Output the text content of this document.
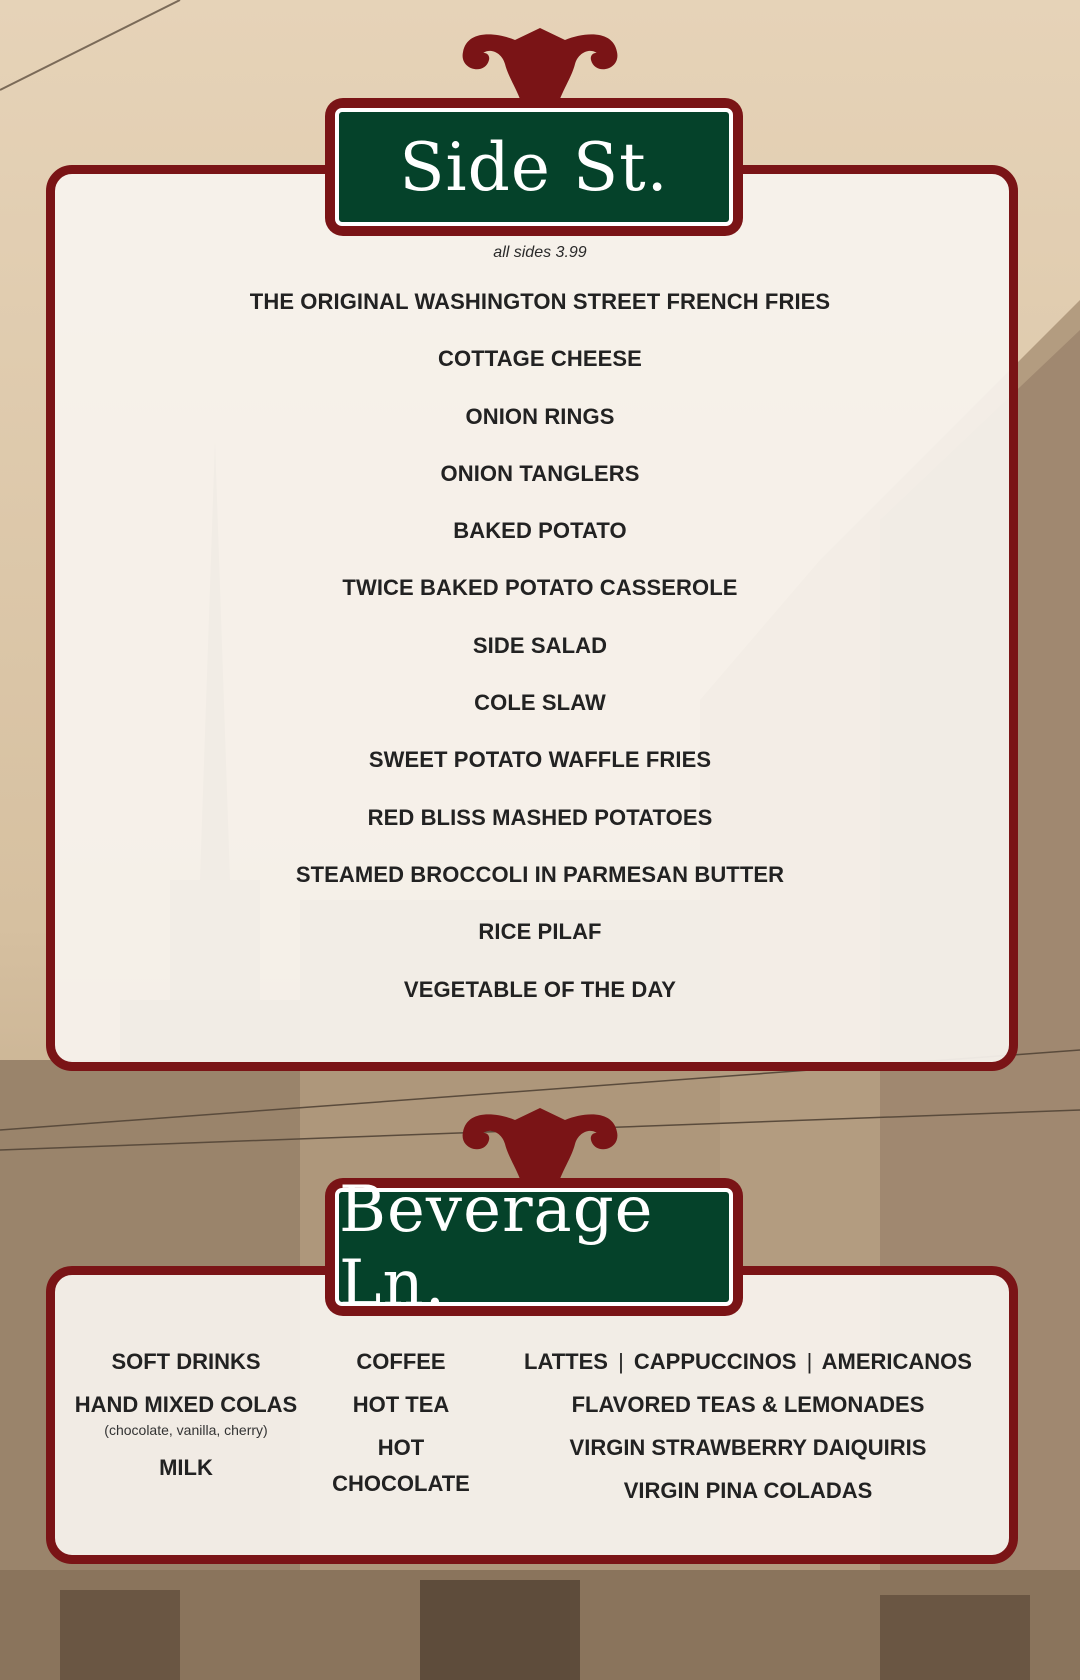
Side St.
all sides 3.99
THE ORIGINAL WASHINGTON STREET FRENCH FRIES
COTTAGE CHEESE
ONION RINGS
ONION TANGLERS
BAKED POTATO
TWICE BAKED POTATO CASSEROLE
SIDE SALAD
COLE SLAW
SWEET POTATO WAFFLE FRIES
RED BLISS MASHED POTATOES
STEAMED BROCCOLI IN PARMESAN BUTTER
RICE PILAF
VEGETABLE OF THE DAY
Beverage Ln.
SOFT DRINKS
HAND MIXED COLAS
(chocolate, vanilla, cherry)
MILK
COFFEE
HOT TEA
HOT CHOCOLATE
LATTES | CAPPUCCINOS | AMERICANOS
FLAVORED TEAS & LEMONADES
VIRGIN STRAWBERRY DAIQUIRIS
VIRGIN PINA COLADAS
